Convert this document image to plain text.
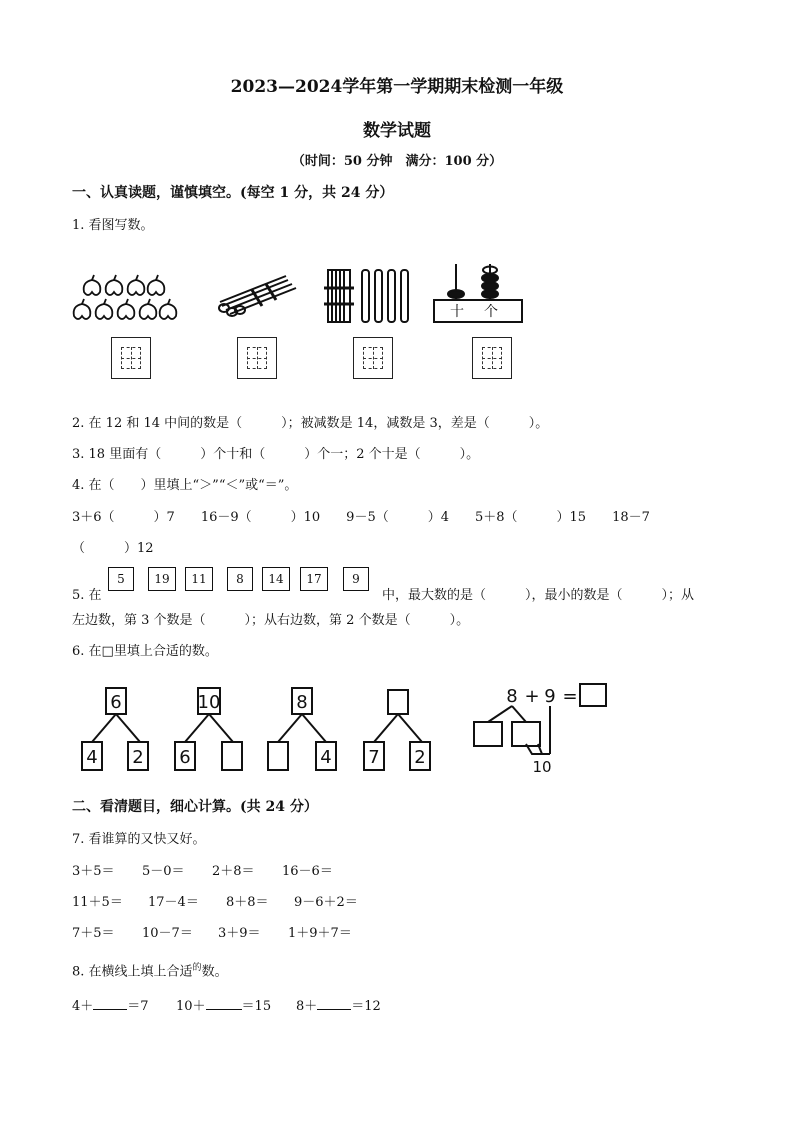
2023—2024学年第一学期期末检测一年级
数学试题
（时间：50 分钟　满分：100 分）
一、认真读题，谨慎填空。(每空 1 分，共 24 分）
1. 看图写数。
十 个
2. 在 12 和 14 中间的数是（　　　）；被减数是 14，减数是 3，差是（　　　）。
3. 18 里面有（　　　）个十和（　　　）个一；2 个十是（　　　）。
4. 在（　　）里填上“＞”“＜”或“＝”。
3＋6（　　　）7　　16－9（　　　）10　　9－5（　　　）4　　5＋8（　　　）15　　18－7
（　　　）12
5. 在
5	19	11	8	14	17	9
中，最大数的是（　　　），最小的数是（　　　）；从
左边数，第 3 个数是（　　　）；从右边数，第 2 个数是（　　　）。
6. 在□里填上合适的数。
6
4 2
10
6
8
4 7 2
8 + 9 =
10
二、看清题目，细心计算。(共 24 分）
7. 看谁算的又快又好。
3＋5＝ 5－0＝ 2＋8＝ 16－6＝
11＋5＝ 17－4＝ 8＋8＝ 9－6＋2＝
7＋5＝ 10－7＝ 3＋9＝ 1＋9＋7＝
8. 在横线上填上合适$^的$数。
4＋	＝7 10＋	＝15 8＋	＝12
